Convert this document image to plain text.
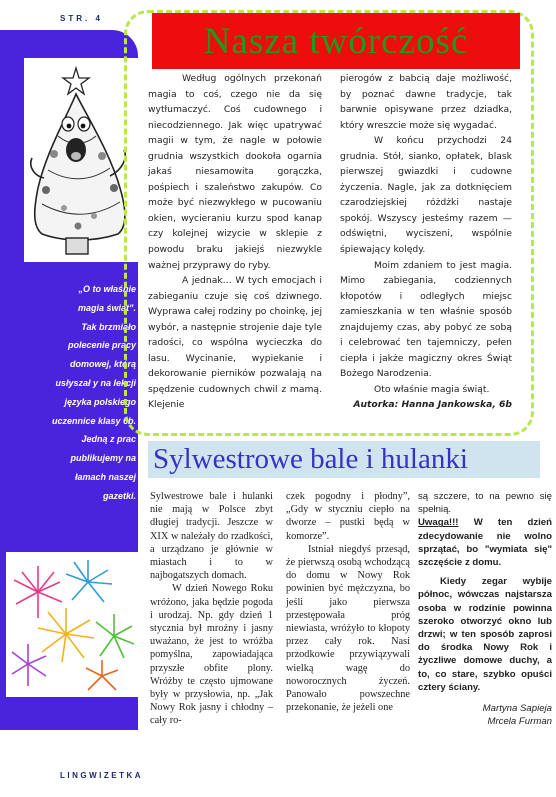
STR. 4

„O to właśnie

magia świąt”.

Tak brzmiało

polecenie pracy

domowej, którą

usłyszał y na lekcji

języka polskiego

uczennice klasy 6b.

Jedną z prac

publikujemy na

łamach naszej

gazetki.

Nasza twórczość

Według ogólnych przekonań magia to coś, czego nie da się wytłumaczyć. Coś cudownego i niecodziennego. Jak więc upatrywać magii w tym, że nagle w połowie grudnia wszystkich dookoła ogarnia jakaś niesamowita gorączka, pośpiech i szaleństwo zakupów. Co może być niezwykłego w pucowaniu okien, wycieraniu kurzu spod kanap czy kolejnej wizycie w sklepie z powodu braku jakiejś niezwykle ważnej przyprawy do ryby.

A jednak… W tych emocjach i zabieganiu czuje się coś dziwnego. Wyprawa całej rodziny po choinkę, jej wybór, a następnie strojenie daje tyle radości, co wspólna wycieczka do lasu. Wycinanie, wypiekanie i dekorowanie pierników pozwalają na spędzenie cudownych chwil z mamą. Klejenie

pierogów z babcią daje możliwość, by poznać dawne tradycje, tak barwnie opisywane przez dziadka, który wreszcie może się wygadać.

W końcu przychodzi 24 grudnia. Stół, sianko, opłatek, blask pierwszej gwiazdki i cudowne życzenia. Nagle, jak za dotknięciem czarodziejskiej różdżki nastaje spokój. Wszyscy jesteśmy razem — odświętni, wyciszeni, wspólnie śpiewający kolędy.

Moim zdaniem to jest magia. Mimo zabiegania, codziennych kłopotów i odległych miejsc zamieszkania w ten właśnie sposób znajdujemy czas, aby pobyć ze sobą i celebrować ten tajemniczy, pełen ciepła i jakże magiczny okres Świąt Bożego Narodzenia.

Oto właśnie magia świąt.

Autorka: Hanna Jankowska, 6b

Sylwestrowe bale i hulanki

Sylwestrowe bale i hulanki nie mają w Polsce zbyt długiej tradycji. Jeszcze w XIX w należały do rzadkości, a urządzano je głównie w miastach i to w najbogatszych domach.

W dzień Nowego Roku wróżono, jaka będzie pogoda i urodzaj. Np. gdy dzień 1 stycznia był mroźny i jasny uważano, że jest to wróżba pomyślna, zapowiadająca przyszłe obfite plony. Wróżby te często ujmowane były w przysłowia, np. „Jak Nowy Rok jasny i chłodny – cały ro-

czek pogodny i płodny”, „Gdy w styczniu ciepło na dworze – pustki będą w komorze”.

Istniał niegdyś przesąd, że pierwszą osobą wchodzącą do domu w Nowy Rok powinien być mężczyzna, bo jeśli jako pierwsza przestępowała próg niewiasta, wróżyło to kłopoty przez cały rok. Nasi przodkowie przywiązywali wielką wagę do noworocznych życzeń. Panowało powszechne przekonanie, że jeżeli one

są szczere, to na pewno się spełnią.

Uwaga!!! W ten dzień zdecydowanie nie wolno sprzątać, bo "wymiata się" szczęście z domu.

Kiedy zegar wybije północ, wówczas najstarsza osoba w rodzinie powinna szeroko otworzyć okno lub drzwi; w ten sposób zaprosi do środka Nowy Rok i życzliwe domowe duchy, a to, co stare, szybko opuści cztery ściany.

Martyna Sapieja

Mrcela Furman

LINGWIZETKA
